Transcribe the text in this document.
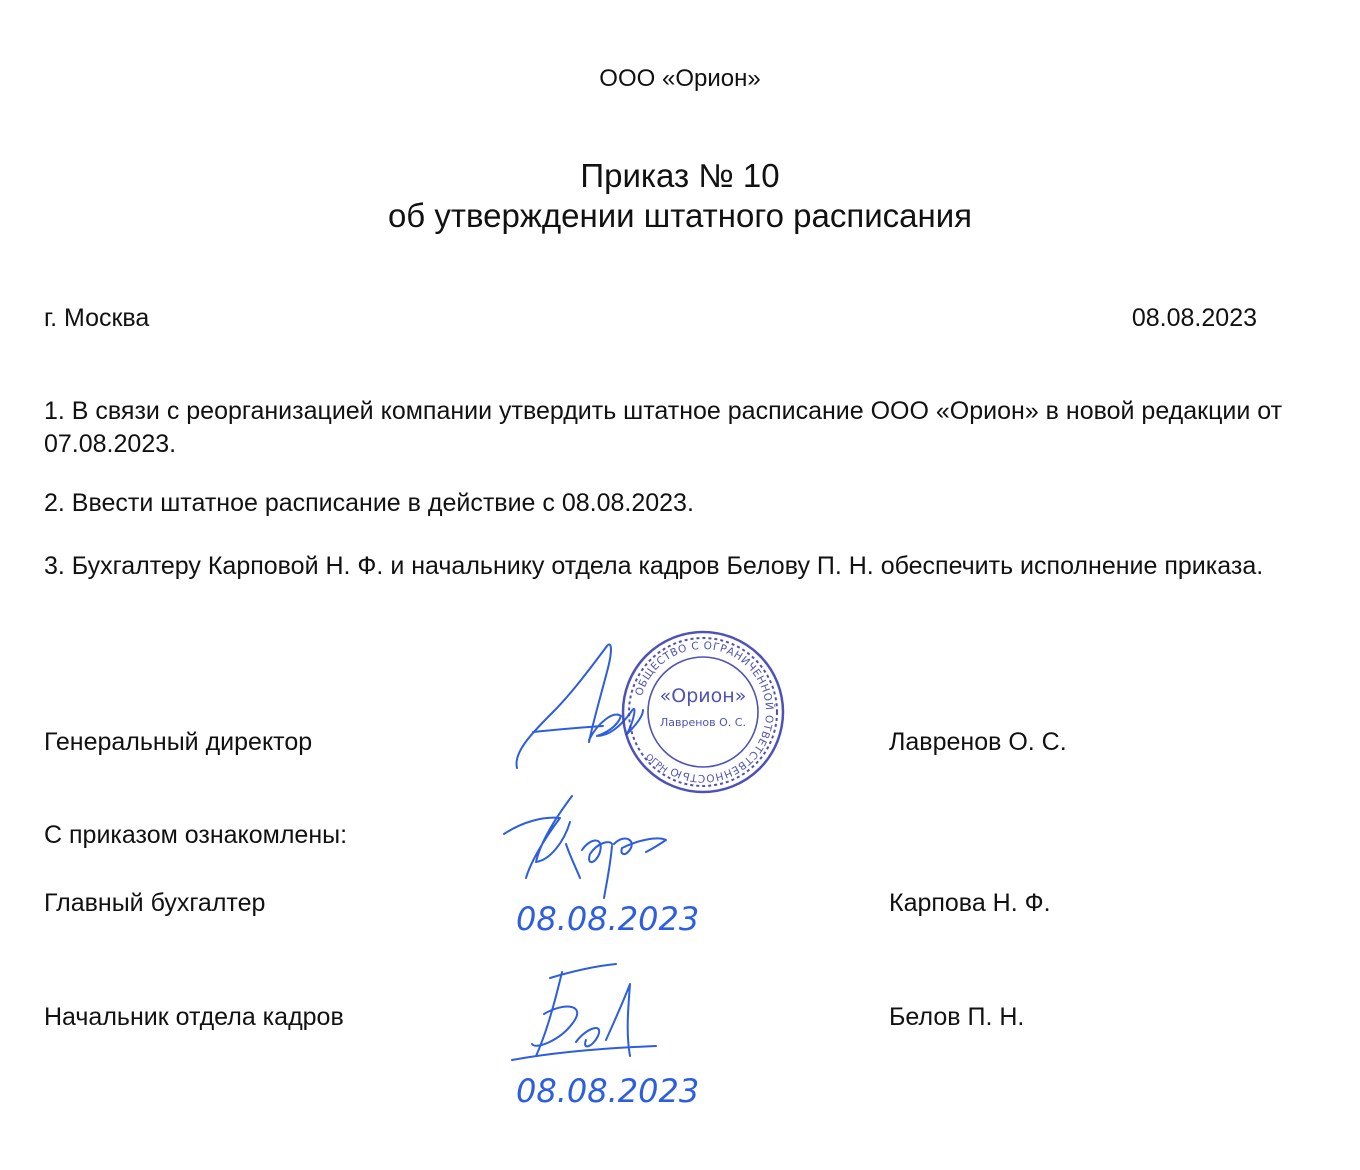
ООО «Орион»
Приказ № 10
об утверждении штатного расписания
г. Москва	08.08.2023
1. В связи с реорганизацией компании утвердить штатное расписание ООО «Орион» в новой редакции от 07.08.2023.
2. Ввести штатное расписание в действие с 08.08.2023.
3. Бухгалтеру Карповой Н. Ф. и начальнику отдела кадров Белову П. Н. обеспечить исполнение приказа.
Генеральный директор	Лавренов О. С.
С приказом ознакомлены:
Главный бухгалтер	Карпова Н. Ф.
Начальник отдела кадров	Белов П. Н.
ОБЩЕСТВО С ОГРАНИЧЕННОЙ ОТВЕТСТВЕННОСТЬЮ
«Орион»
Лавренов О. С.
ОГРН
08.08.2023
08.08.2023
